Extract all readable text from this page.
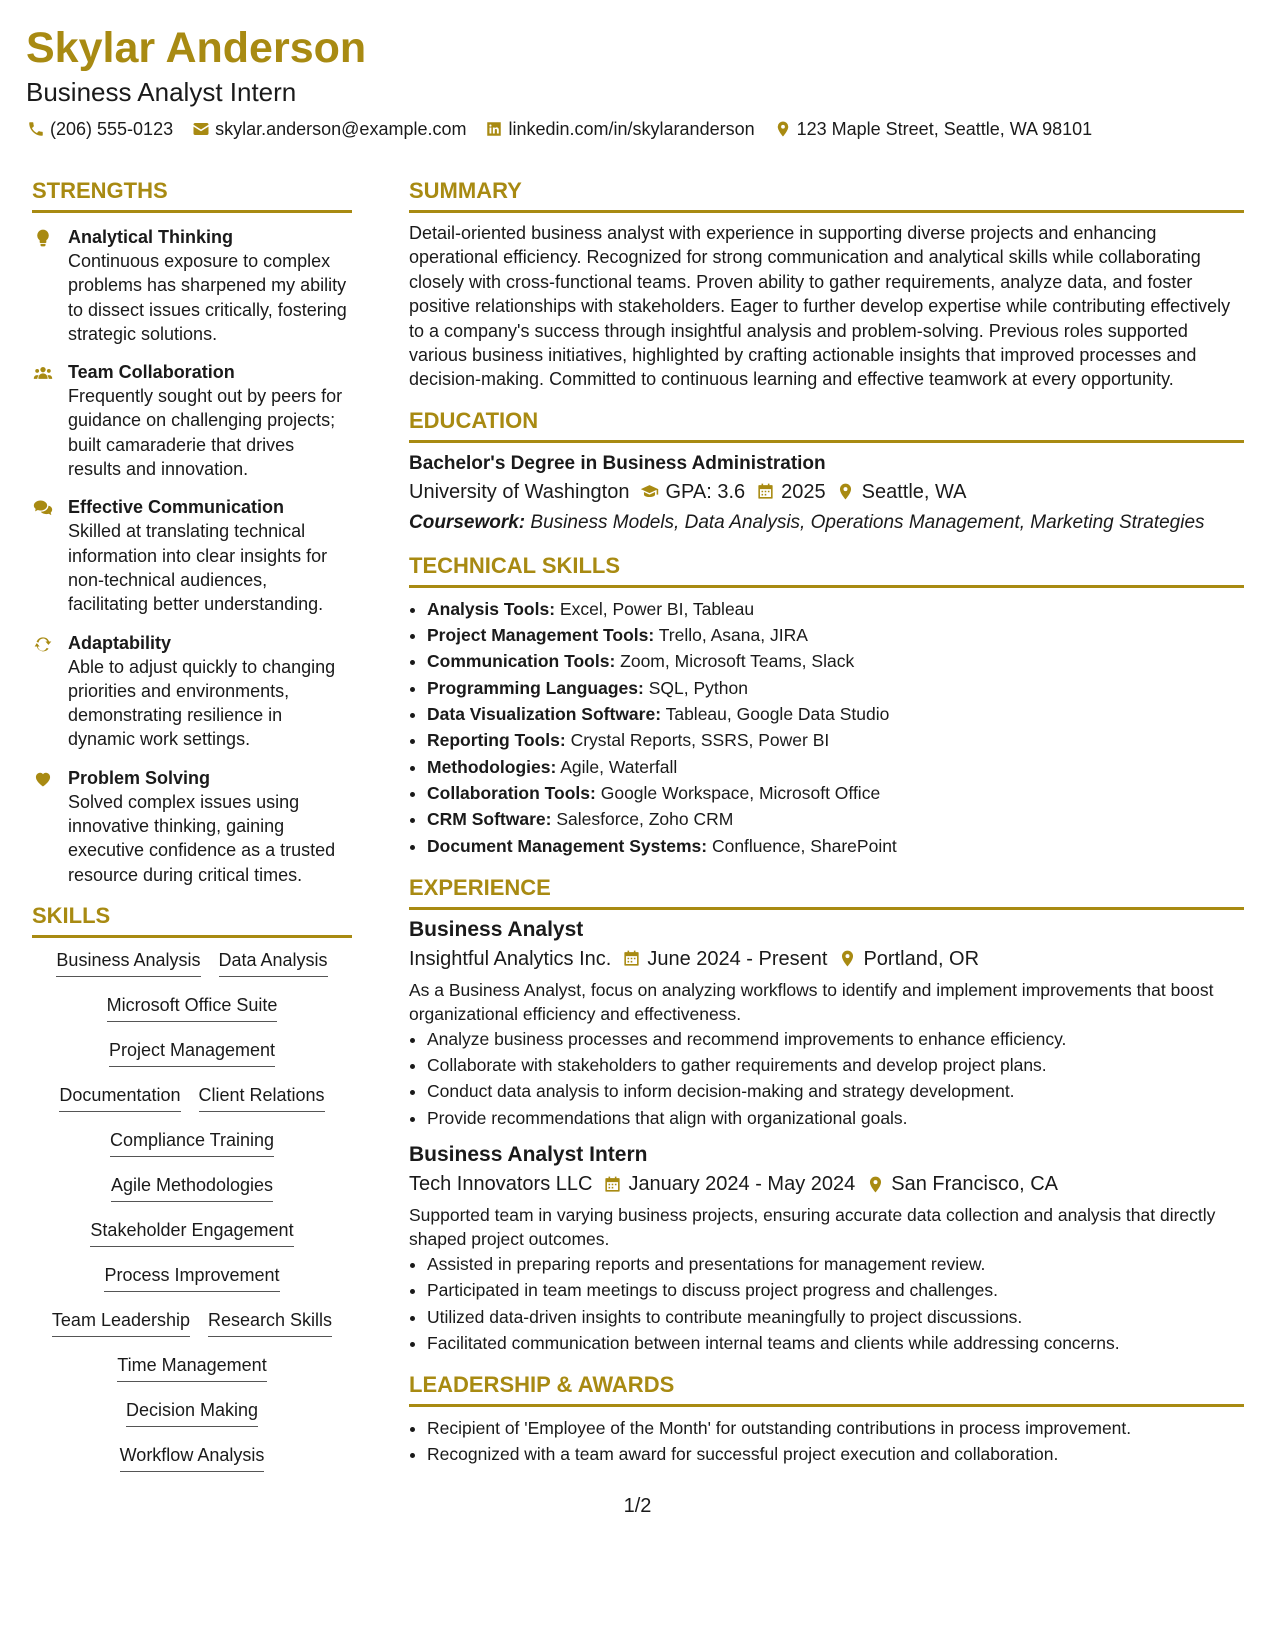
Skylar Anderson
Business Analyst Intern
(206) 555-0123 skylar.anderson@example.com linkedin.com/in/skylaranderson 123 Maple Street, Seattle, WA 98101
STRENGTHS
Analytical Thinking
Continuous exposure to complex problems has sharpened my ability to dissect issues critically, fostering strategic solutions.
Team Collaboration
Frequently sought out by peers for guidance on challenging projects; built camaraderie that drives results and innovation.
Effective Communication
Skilled at translating technical information into clear insights for non-technical audiences, facilitating better understanding.
Adaptability
Able to adjust quickly to changing priorities and environments, demonstrating resilience in dynamic work settings.
Problem Solving
Solved complex issues using innovative thinking, gaining executive confidence as a trusted resource during critical times.
SKILLS
Business Analysis Data Analysis
Microsoft Office Suite
Project Management
Documentation Client Relations
Compliance Training
Agile Methodologies
Stakeholder Engagement
Process Improvement
Team Leadership Research Skills
Time Management
Decision Making
Workflow Analysis
SUMMARY
Detail-oriented business analyst with experience in supporting diverse projects and enhancing operational efficiency. Recognized for strong communication and analytical skills while collaborating closely with cross-functional teams. Proven ability to gather requirements, analyze data, and foster positive relationships with stakeholders. Eager to further develop expertise while contributing effectively to a company's success through insightful analysis and problem-solving. Previous roles supported various business initiatives, highlighted by crafting actionable insights that improved processes and decision-making. Committed to continuous learning and effective teamwork at every opportunity.
EDUCATION
Bachelor's Degree in Business Administration
University of Washington GPA: 3.6 2025 Seattle, WA
Coursework: Business Models, Data Analysis, Operations Management, Marketing Strategies
TECHNICAL SKILLS
• Analysis Tools: Excel, Power BI, Tableau
• Project Management Tools: Trello, Asana, JIRA
• Communication Tools: Zoom, Microsoft Teams, Slack
• Programming Languages: SQL, Python
• Data Visualization Software: Tableau, Google Data Studio
• Reporting Tools: Crystal Reports, SSRS, Power BI
• Methodologies: Agile, Waterfall
• Collaboration Tools: Google Workspace, Microsoft Office
• CRM Software: Salesforce, Zoho CRM
• Document Management Systems: Confluence, SharePoint
EXPERIENCE
Business Analyst
Insightful Analytics Inc. June 2024 - Present Portland, OR
As a Business Analyst, focus on analyzing workflows to identify and implement improvements that boost organizational efficiency and effectiveness.
• Analyze business processes and recommend improvements to enhance efficiency.
• Collaborate with stakeholders to gather requirements and develop project plans.
• Conduct data analysis to inform decision-making and strategy development.
• Provide recommendations that align with organizational goals.
Business Analyst Intern
Tech Innovators LLC January 2024 - May 2024 San Francisco, CA
Supported team in varying business projects, ensuring accurate data collection and analysis that directly shaped project outcomes.
• Assisted in preparing reports and presentations for management review.
• Participated in team meetings to discuss project progress and challenges.
• Utilized data-driven insights to contribute meaningfully to project discussions.
• Facilitated communication between internal teams and clients while addressing concerns.
LEADERSHIP & AWARDS
• Recipient of 'Employee of the Month' for outstanding contributions in process improvement.
• Recognized with a team award for successful project execution and collaboration.
1/2
